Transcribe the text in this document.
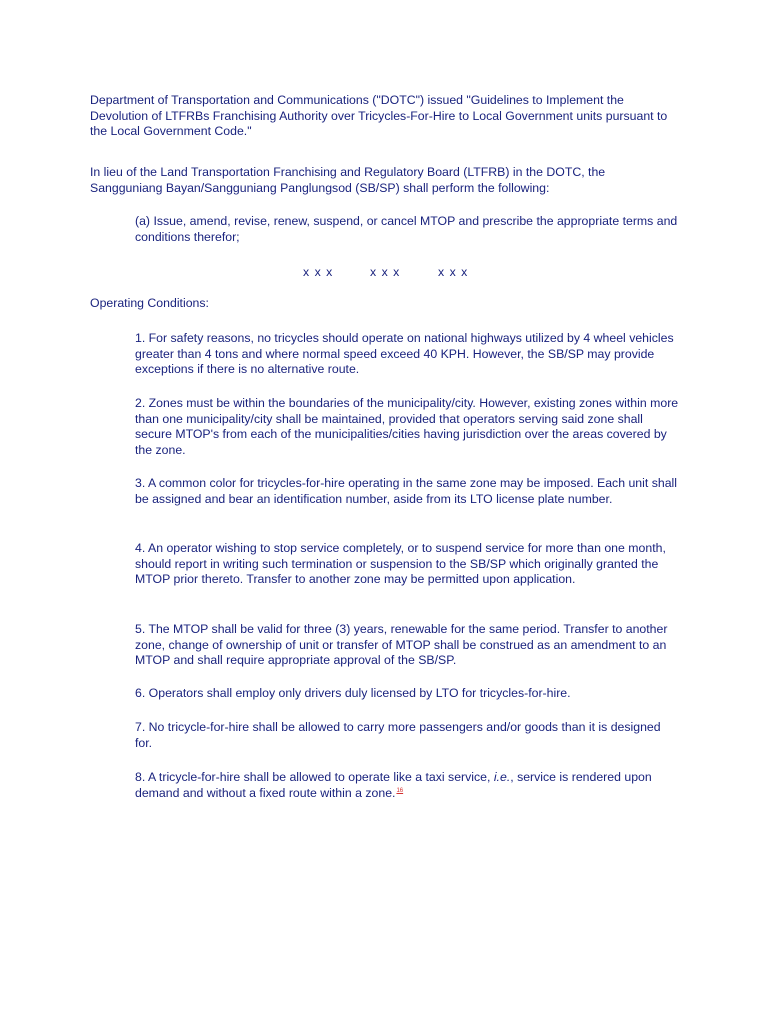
Department of Transportation and Communications ("DOTC") issued "Guidelines to Implement the Devolution of LTFRBs Franchising Authority over Tricycles-For-Hire to Local Government units pursuant to the Local Government Code."

In lieu of the Land Transportation Franchising and Regulatory Board (LTFRB) in the DOTC, the Sangguniang Bayan/Sangguniang Panglungsod (SB/SP) shall perform the following:

(a) Issue, amend, revise, renew, suspend, or cancel MTOP and prescribe the appropriate terms and conditions therefor;

x x x	x x x	x x x

Operating Conditions:

1. For safety reasons, no tricycles should operate on national highways utilized by 4 wheel vehicles greater than 4 tons and where normal speed exceed 40 KPH. However, the SB/SP may provide exceptions if there is no alternative route.

2. Zones must be within the boundaries of the municipality/city. However, existing zones within more than one municipality/city shall be maintained, provided that operators serving said zone shall secure MTOP's from each of the municipalities/cities having jurisdiction over the areas covered by the zone.

3. A common color for tricycles-for-hire operating in the same zone may be imposed. Each unit shall be assigned and bear an identification number, aside from its LTO license plate number.

4. An operator wishing to stop service completely, or to suspend service for more than one month, should report in writing such termination or suspension to the SB/SP which originally granted the MTOP prior thereto. Transfer to another zone may be permitted upon application.

5. The MTOP shall be valid for three (3) years, renewable for the same period. Transfer to another zone, change of ownership of unit or transfer of MTOP shall be construed as an amendment to an MTOP and shall require appropriate approval of the SB/SP.

6. Operators shall employ only drivers duly licensed by LTO for tricycles-for-hire.

7. No tricycle-for-hire shall be allowed to carry more passengers and/or goods than it is designed for.

8. A tricycle-for-hire shall be allowed to operate like a taxi service, i.e., service is rendered upon demand and without a fixed route within a zone.$^{16}$
